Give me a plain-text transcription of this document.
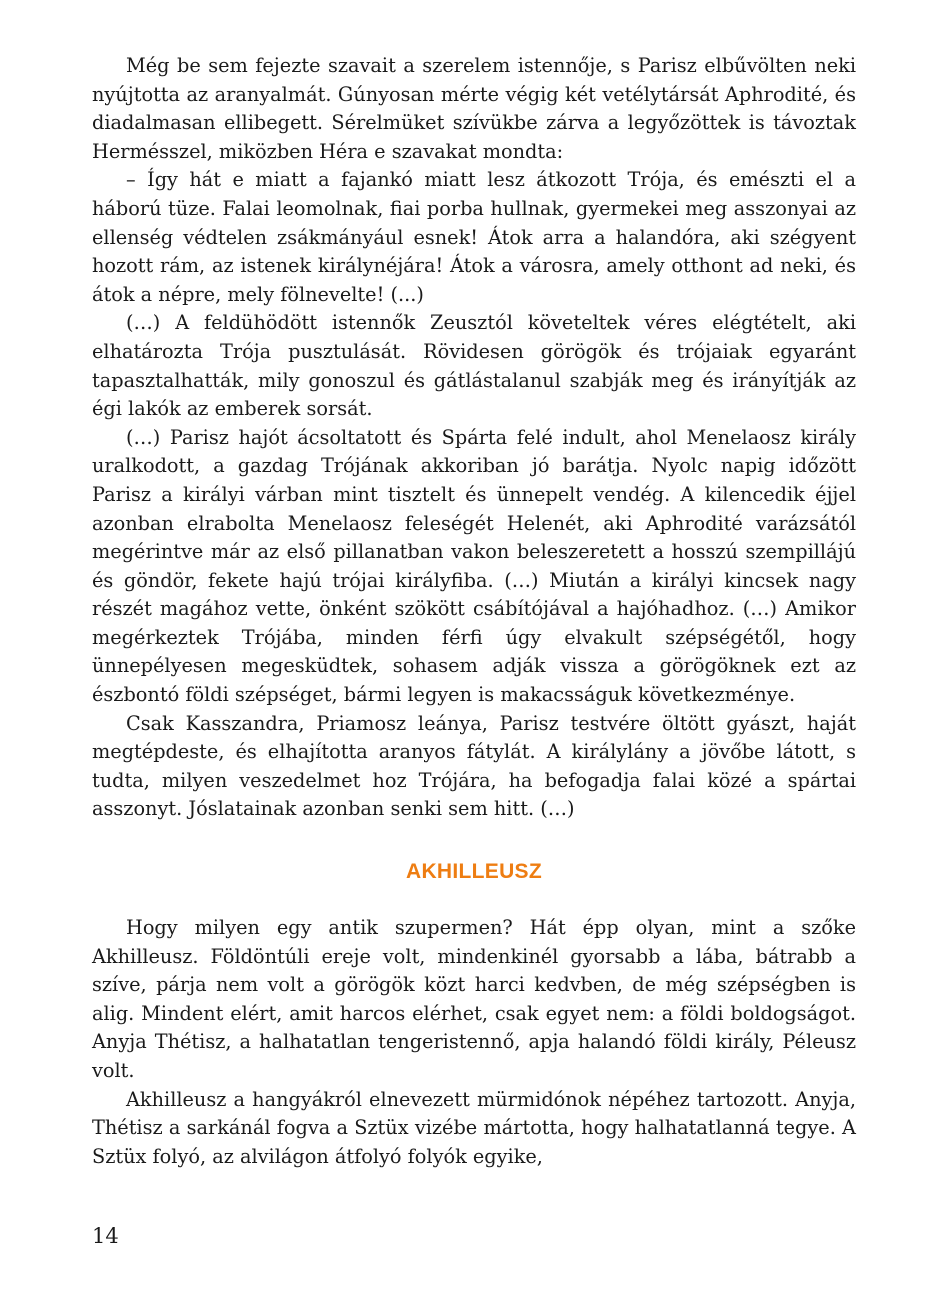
Még be sem fejezte szavait a szerelem istennője, s Parisz elbűvölten neki nyújtotta az aranyalmát. Gúnyosan mérte végig két vetélytársát Aphrodité, és diadalmasan ellibegett. Sérelmüket szívükbe zárva a legyőzöttek is távoztak Hermésszel, miközben Héra e szavakat mondta:

– Így hát e miatt a fajankó miatt lesz átkozott Trója, és emészti el a háború tüze. Falai leomolnak, fiai porba hullnak, gyermekei meg asszonyai az ellenség védtelen zsákmányául esnek! Átok arra a halandóra, aki szégyent hozott rám, az istenek királynéjára! Átok a városra, amely otthont ad neki, és átok a népre, mely fölnevelte! (...)

(…) A feldühödött istennők Zeusztól követeltek véres elégtételt, aki elhatározta Trója pusztulását. Rövidesen görögök és trójaiak egyaránt tapasztalhatták, mily gonoszul és gátlástalanul szabják meg és irányítják az égi lakók az emberek sorsát.

(…) Parisz hajót ácsoltatott és Spárta felé indult, ahol Menelaosz király uralkodott, a gazdag Trójának akkoriban jó barátja. Nyolc napig időzött Parisz a királyi várban mint tisztelt és ünnepelt vendég. A kilencedik éjjel azonban elrabolta Menelaosz feleségét Helenét, aki Aphrodité varázsától megérintve már az első pillanatban vakon beleszeretett a hosszú szempillájú és göndör, fekete hajú trójai királyfiba. (…) Miután a királyi kincsek nagy részét magához vette, önként szökött csábítójával a hajóhadhoz. (…) Amikor megérkeztek Trójába, minden férfi úgy elvakult szépségétől, hogy ünnepélyesen megesküdtek, sohasem adják vissza a görögöknek ezt az észbontó földi szépséget, bármi legyen is makacsságuk következménye.

Csak Kasszandra, Priamosz leánya, Parisz testvére öltött gyászt, haját megtépdeste, és elhajította aranyos fátylát. A királylány a jövőbe látott, s tudta, milyen veszedelmet hoz Trójára, ha befogadja falai közé a spártai asszonyt. Jóslatainak azonban senki sem hitt. (…)

AKHILLEUSZ

Hogy milyen egy antik szupermen? Hát épp olyan, mint a szőke Akhilleusz. Földöntúli ereje volt, mindenkinél gyorsabb a lába, bátrabb a szíve, párja nem volt a görögök közt harci kedvben, de még szépségben is alig. Mindent elért, amit harcos elérhet, csak egyet nem: a földi boldogságot. Anyja Thétisz, a halhatatlan tengeristennő, apja halandó földi király, Péleusz volt.

Akhilleusz a hangyákról elnevezett mürmidónok népéhez tartozott. Anyja, Thétisz a sarkánál fogva a Sztüx vizébe mártotta, hogy halhatatlanná tegye. A Sztüx folyó, az alvilágon átfolyó folyók egyike,

14
